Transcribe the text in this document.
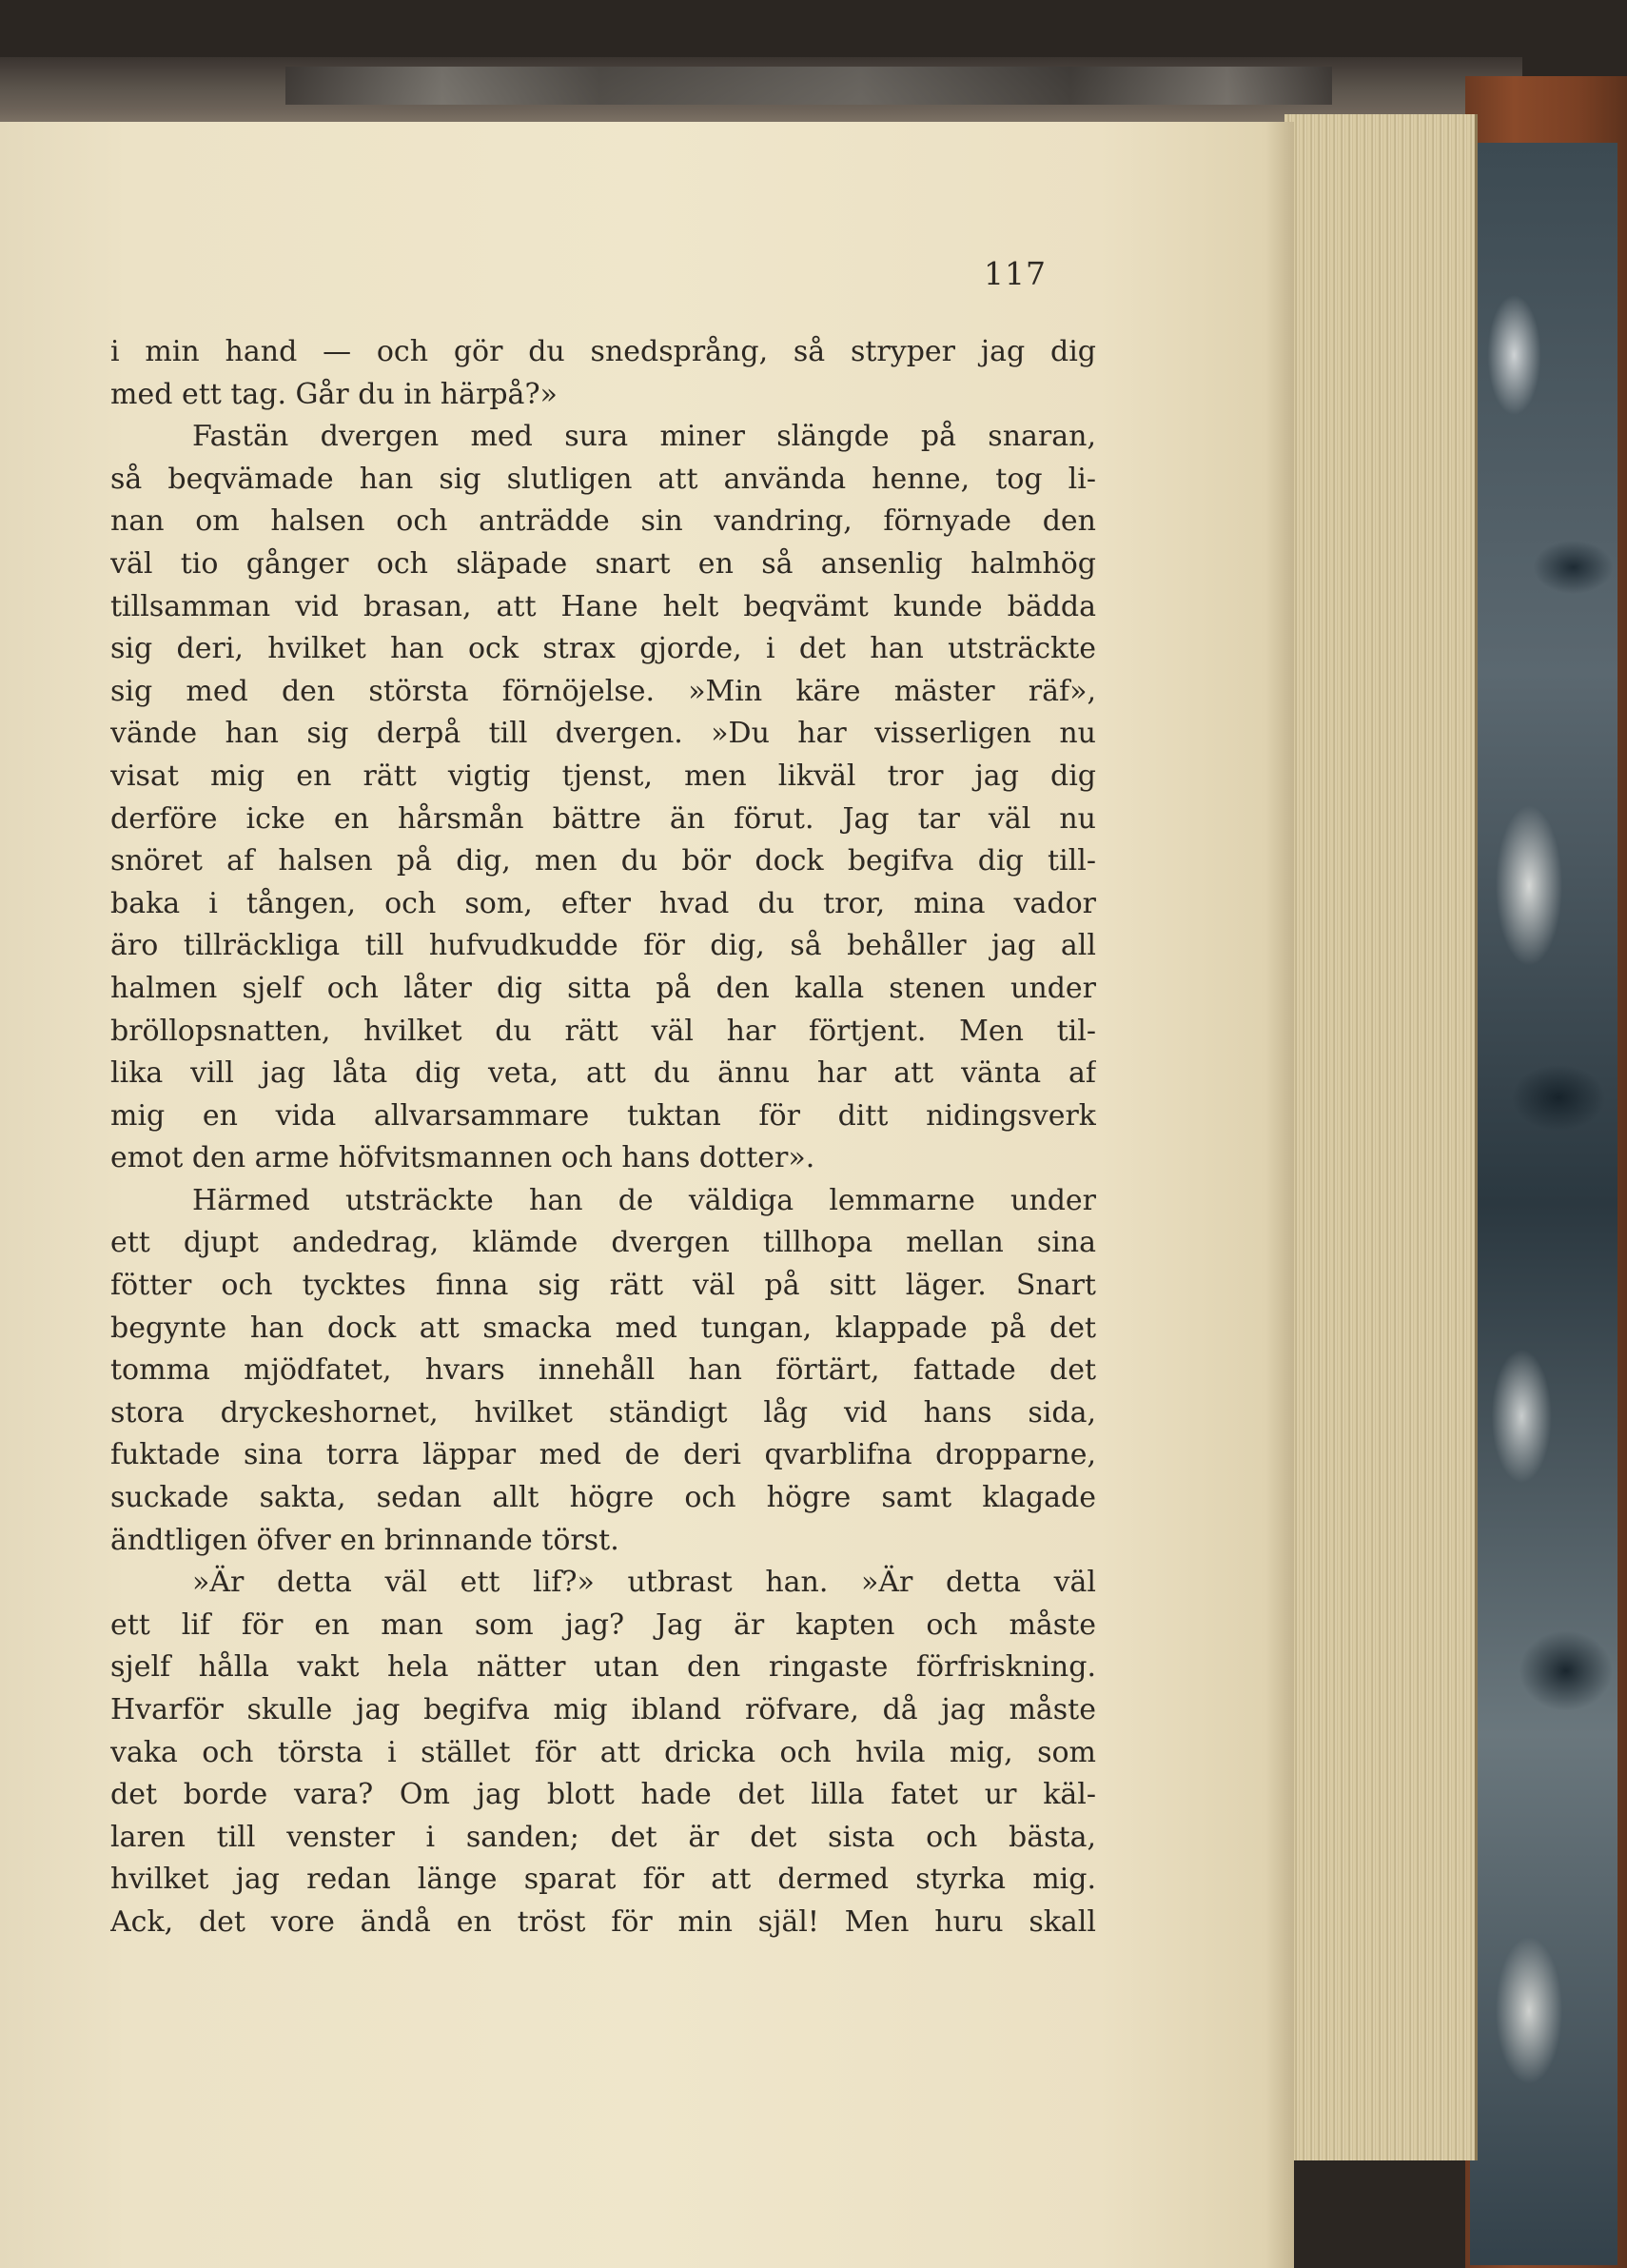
117
i min hand — och gör du snedsprång, så stryper jag dig
med ett tag. Går du in härpå?»
Fastän dvergen med sura miner slängde på snaran,
så beqvämade han sig slutligen att använda henne, tog li-
nan om halsen och anträdde sin vandring, förnyade den
väl tio gånger och släpade snart en så ansenlig halmhög
tillsamman vid brasan, att Hane helt beqvämt kunde bädda
sig deri, hvilket han ock strax gjorde, i det han utsträckte
sig med den största förnöjelse. »Min käre mäster räf»,
vände han sig derpå till dvergen. »Du har visserligen nu
visat mig en rätt vigtig tjenst, men likväl tror jag dig
derföre icke en hårsmån bättre än förut. Jag tar väl nu
snöret af halsen på dig, men du bör dock begifva dig till-
baka i tången, och som, efter hvad du tror, mina vador
äro tillräckliga till hufvudkudde för dig, så behåller jag all
halmen sjelf och låter dig sitta på den kalla stenen under
bröllopsnatten, hvilket du rätt väl har förtjent. Men til-
lika vill jag låta dig veta, att du ännu har att vänta af
mig en vida allvarsammare tuktan för ditt nidingsverk
emot den arme höfvitsmannen och hans dotter».
Härmed utsträckte han de väldiga lemmarne under
ett djupt andedrag, klämde dvergen tillhopa mellan sina
fötter och tycktes finna sig rätt väl på sitt läger. Snart
begynte han dock att smacka med tungan, klappade på det
tomma mjödfatet, hvars innehåll han förtärt, fattade det
stora dryckeshornet, hvilket ständigt låg vid hans sida,
fuktade sina torra läppar med de deri qvarblifna dropparne,
suckade sakta, sedan allt högre och högre samt klagade
ändtligen öfver en brinnande törst.
»Är detta väl ett lif?» utbrast han. »Är detta väl
ett lif för en man som jag? Jag är kapten och måste
sjelf hålla vakt hela nätter utan den ringaste förfriskning.
Hvarför skulle jag begifva mig ibland röfvare, då jag måste
vaka och törsta i stället för att dricka och hvila mig, som
det borde vara? Om jag blott hade det lilla fatet ur käl-
laren till venster i sanden; det är det sista och bästa,
hvilket jag redan länge sparat för att dermed styrka mig.
Ack, det vore ändå en tröst för min själ! Men huru skall
